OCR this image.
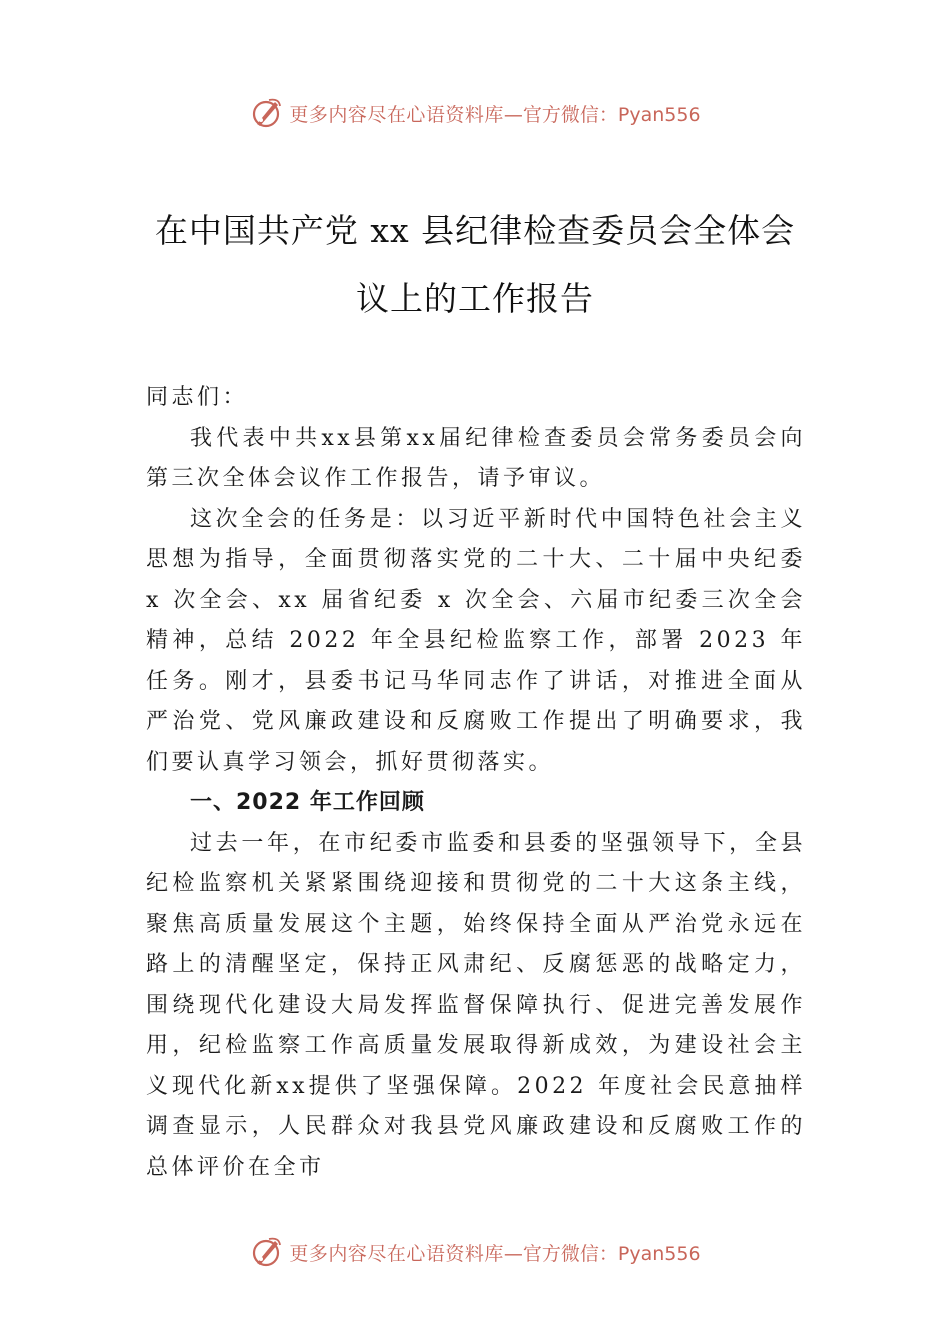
更多内容尽在心语资料库 —官方微信：Pyan556
在中国共产党 xx 县纪律检查委员会全体会
议上的工作报告

同志们：

我代表中共xx县第xx届纪律检查委员会常务委员会向第三次全体会议作工作报告，请予审议。

这次全会的任务是：以习近平新时代中国特色社会主义思想为指导，全面贯彻落实党的二十大、二十届中央纪委 x 次全会、xx 届省纪委 x 次全会、六届市纪委三次全会精神，总结 2022 年全县纪检监察工作，部署 2023 年任务。刚才，县委书记马华同志作了讲话，对推进全面从严治党、党风廉政建设和反腐败工作提出了明确要求，我们要认真学习领会，抓好贯彻落实。

一、2022 年工作回顾

过去一年，在市纪委市监委和县委的坚强领导下，全县纪检监察机关紧紧围绕迎接和贯彻党的二十大这条主线，聚焦高质量发展这个主题，始终保持全面从严治党永远在路上的清醒坚定，保持正风肃纪、反腐惩恶的战略定力，围绕现代化建设大局发挥监督保障执行、促进完善发展作用，纪检监察工作高质量发展取得新成效，为建设社会主义现代化新xx提供了坚强保障。2022 年度社会民意抽样调查显示，人民群众对我县党风廉政建设和反腐败工作的总体评价在全市

更多内容尽在心语资料库 —官方微信：Pyan556
